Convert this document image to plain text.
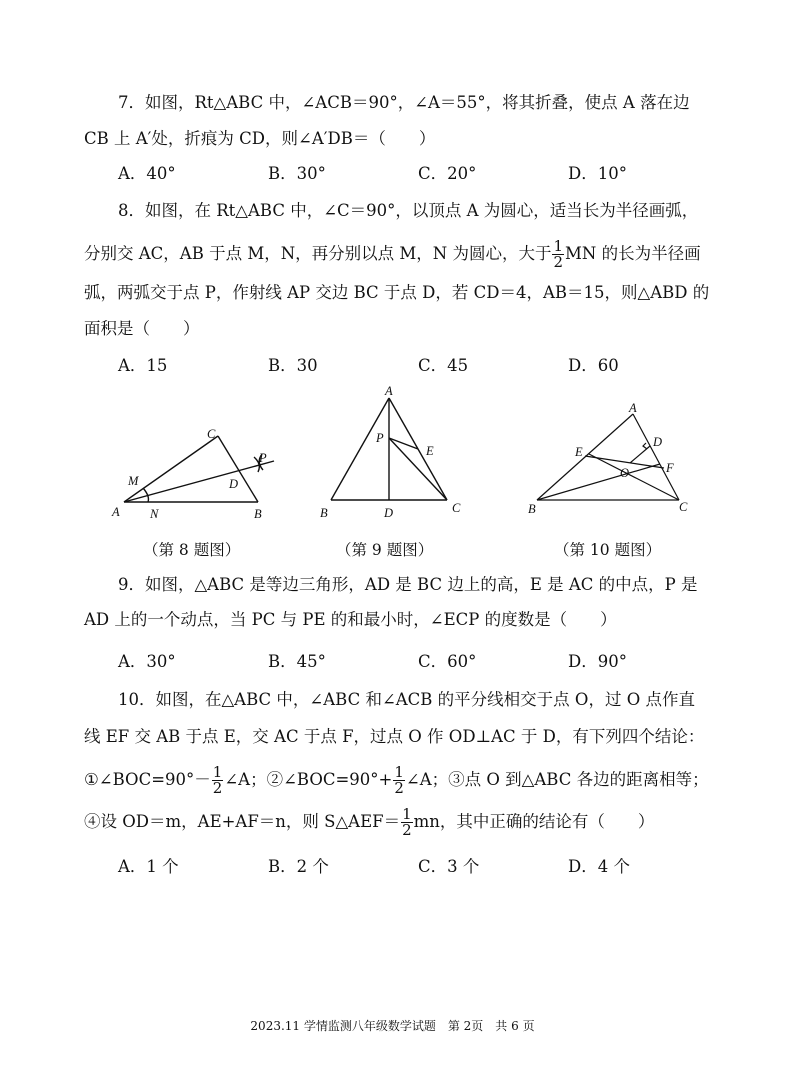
7．如图，Rt△ABC 中，∠ACB＝90°，∠A＝55°，将其折叠，使点 A 落在边
CB 上 A′处，折痕为 CD，则∠A′DB＝（　　）
A．40°	B．30°	C．20°	D．10°
8．如图，在 Rt△ABC 中，∠C＝90°，以顶点 A 为圆心，适当长为半径画弧，
分别交 AC，AB 于点 M，N，再分别以点 M，N 为圆心，大于 $\frac{1}{2}$ MN 的长为半径画
弧，两弧交于点 P，作射线 AP 交边 BC 于点 D，若 CD＝4，AB＝15，则△ABD 的
面积是（　　）
A．15	B．30	C．45	D．60
A	B
C
D
M
N
P
A
B	C
D
E
P
A
B	C
D
E
F
O
（第 8 题图）	（第 9 题图）	（第 10 题图）
9．如图，△ABC 是等边三角形，AD 是 BC 边上的高，E 是 AC 的中点，P 是
AD 上的一个动点，当 PC 与 PE 的和最小时，∠ECP 的度数是（　　）
A．30°	B．45°	C．60°	D．90°
10．如图，在△ABC 中，∠ABC 和∠ACB 的平分线相交于点 O，过 O 点作直
线 EF 交 AB 于点 E，交 AC 于点 F，过点 O 作 OD⊥AC 于 D，有下列四个结论：
①∠BOC=90°－ $\frac{1}{2}$ ∠A；②∠BOC=90°+ $\frac{1}{2}$ ∠A；③点 O 到△ABC 各边的距离相等；
④设 OD＝m，AE+AF＝n，则 S△AEF＝ $\frac{1}{2}$ mn，其中正确的结论有（　　）
A．1 个	B．2 个	C．3 个	D．4 个
2023.11 学情监测八年级数学试题　第 2页　共 6 页
